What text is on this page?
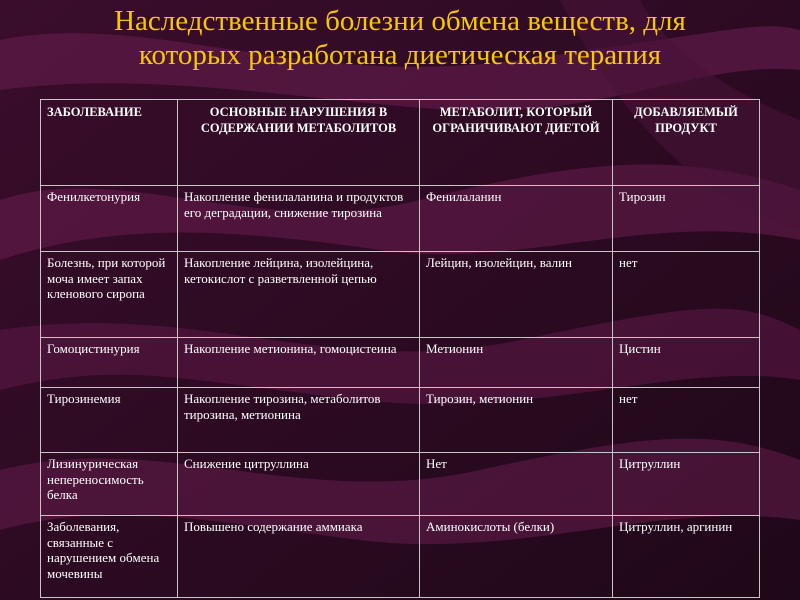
Наследственные болезни обмена веществ, для
которых разработана диетическая терапия
ЗАБОЛЕВАНИЕ	ОСНОВНЫЕ НАРУШЕНИЯ В СОДЕРЖАНИИ МЕТАБОЛИТОВ	МЕТАБОЛИТ, КОТОРЫЙ ОГРАНИЧИВАЮТ ДИЕТОЙ	ДОБАВЛЯЕМЫЙ ПРОДУКТ
Фенилкетонурия	Накопление фенилаланина и продуктов его деградации, снижение тирозина	Фенилаланин	Тирозин
Болезнь, при которой моча имеет запах кленового сиропа	Накопление лейцина, изолейцина, кетокислот с разветвленной цепью	Лейцин, изолейцин, валин	нет
Гомоцистинурия	Накопление метионина, гомоцистеина	Метионин	Цистин
Тирозинемия	Накопление тирозина, метаболитов тирозина, метионина	Тирозин, метионин	нет
Лизинурическая непереносимость белка	Снижение цитруллина	Нет	Цитруллин
Заболевания, связанные с нарушением обмена мочевины	Повышено содержание аммиака	Аминокислоты (белки)	Цитруллин, аргинин
